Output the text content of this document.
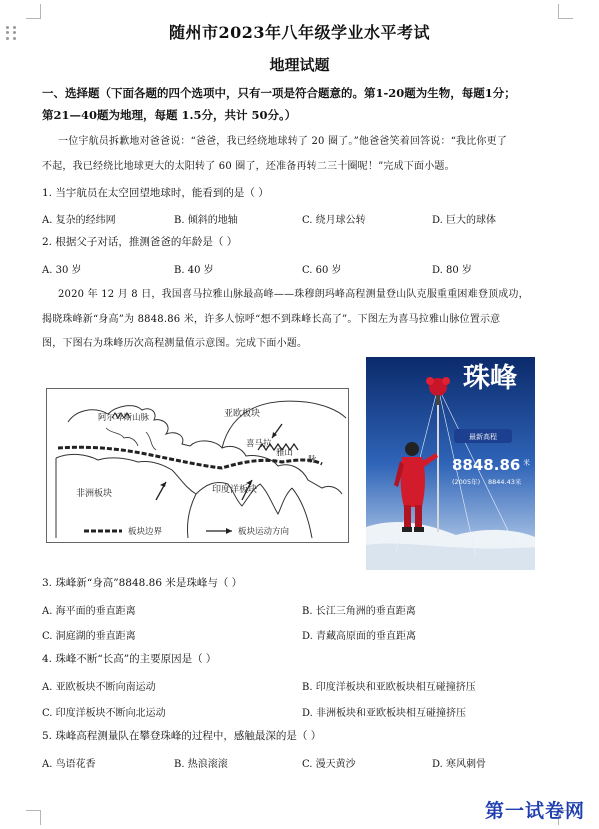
随州市2023年八年级学业水平考试
地理试题
一、选择题（下面各题的四个选项中，只有一项是符合题意的。第1-20题为生物，每题1分；
第21—40题为地理，每题 1.5分，共计 50分。）
一位宇航员拆歉地对爸爸说：“爸爸，我已经绕地球转了 20 圈了。”他爸爸笑着回答说：“我比你更了
不起，我已经绕比地球更大的太阳转了 60 圈了，还准备再转二三十圈呢！”完成下面小题。
1. 当宇航员在太空回望地球时，能看到的是（ ）
A. 复杂的经纬网	B. 倾斜的地轴	C. 绕月球公转	D. 巨大的球体
2. 根据父子对话，推测爸爸的年龄是（ ）
A. 30 岁	B. 40 岁	C. 60 岁	D. 80 岁
2020 年 12 月 8 日，我国喜马拉雅山脉最高峰——珠穆朗玛峰高程测量登山队克服重重困难登顶成功，
揭晓珠峰新“身高”为 8848.86 米，许多人惊呼“想不到珠峰长高了”。下图左为喜马拉雅山脉位置示意
图，下图右为珠峰历次高程测量值示意图。完成下面小题。
阿尔卑斯山脉	亚欧板块
喜马拉
雅山
脉
非洲板块	印度洋板块
板块边界	板块运动方向
珠峰
最新高程
8848.86 米
(2005年) 8844.43米
3. 珠峰新“身高”8848.86 米是珠峰与（ ）
A. 海平面的垂直距离	B. 长江三角洲的垂直距离
C. 洞庭湖的垂直距离	D. 青藏高原面的垂直距离
4. 珠峰不断“长高”的主要原因是（ ）
A. 亚欧板块不断向南运动	B. 印度洋板块和亚欧板块相互碰撞挤压
C. 印度洋板块不断向北运动	D. 非洲板块和亚欧板块相互碰撞挤压
5. 珠峰高程测量队在攀登珠峰的过程中，感触最深的是（ ）
A. 鸟语花香	B. 热浪滚滚	C. 漫天黄沙	D. 寒风刺骨
第一试卷网
